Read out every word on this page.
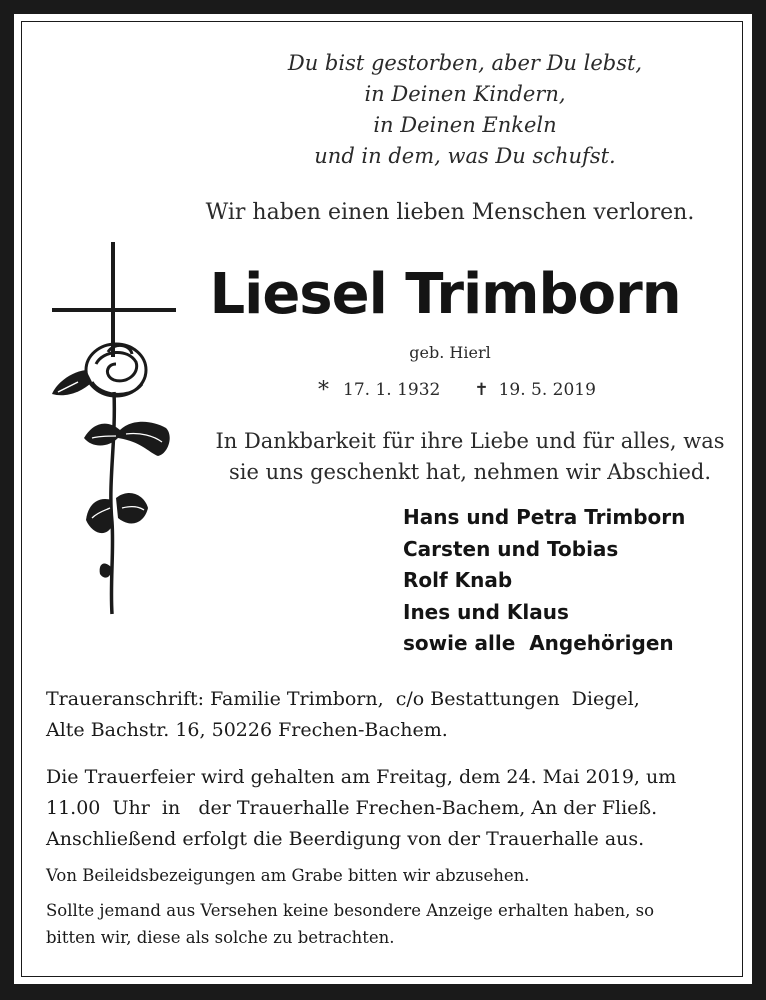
Du bist gestorben, aber Du lebst,
in Deinen Kindern,
in Deinen Enkeln
und in dem, was Du schufst.
Wir haben einen lieben Menschen verloren.
Liesel Trimborn
geb. Hierl
* 17. 1. 1932 ✝ 19. 5. 2019
In Dankbarkeit für ihre Liebe und für alles, was
sie uns geschenkt hat, nehmen wir Abschied.
Hans und Petra Trimborn
Carsten und Tobias
Rolf Knab
Ines und Klaus
sowie alle  Angehörigen
Traueranschrift: Familie Trimborn,  c/o Bestattungen  Diegel,
Alte Bachstr. 16, 50226 Frechen-Bachem.
Die Trauerfeier wird gehalten am Freitag, dem 24. Mai 2019, um
11.00  Uhr  in   der Trauerhalle Frechen-Bachem, An der Fließ.
Anschließend erfolgt die Beerdigung von der Trauerhalle aus.
Von Beileidsbezeigungen am Grabe bitten wir abzusehen.
Sollte jemand aus Versehen keine besondere Anzeige erhalten haben, so
bitten wir, diese als solche zu betrachten.
